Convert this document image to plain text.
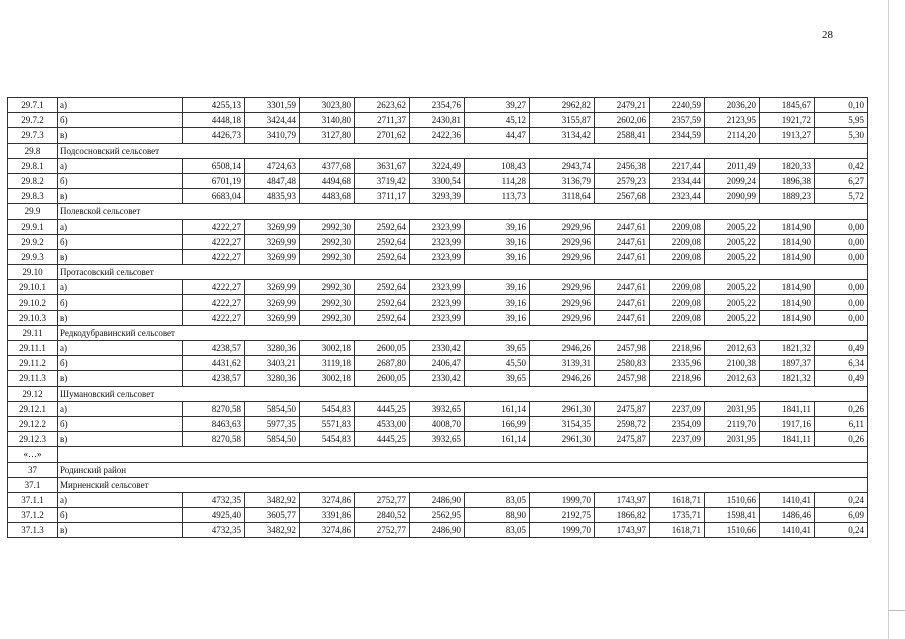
28
29.7.1	а)	4255,13	3301,59	3023,80	2623,62	2354,76	39,27	2962,82	2479,21	2240,59	2036,20	1845,67	0,10
29.7.2	б)	4448,18	3424,44	3140,80	2711,37	2430,81	45,12	3155,87	2602,06	2357,59	2123,95	1921,72	5,95
29.7.3	в)	4426,73	3410,79	3127,80	2701,62	2422,36	44,47	3134,42	2588,41	2344,59	2114,20	1913,27	5,30
29.8	Подсосновский сельсовет												
29.8.1	а)	6508,14	4724,63	4377,68	3631,67	3224,49	108,43	2943,74	2456,38	2217,44	2011,49	1820,33	0,42
29.8.2	б)	6701,19	4847,48	4494,68	3719,42	3300,54	114,28	3136,79	2579,23	2334,44	2099,24	1896,38	6,27
29.8.3	в)	6683,04	4835,93	4483,68	3711,17	3293,39	113,73	3118,64	2567,68	2323,44	2090,99	1889,23	5,72
29.9	Полевской сельсовет												
29.9.1	а)	4222,27	3269,99	2992,30	2592,64	2323,99	39,16	2929,96	2447,61	2209,08	2005,22	1814,90	0,00
29.9.2	б)	4222,27	3269,99	2992,30	2592,64	2323,99	39,16	2929,96	2447,61	2209,08	2005,22	1814,90	0,00
29.9.3	в)	4222,27	3269,99	2992,30	2592,64	2323,99	39,16	2929,96	2447,61	2209,08	2005,22	1814,90	0,00
29.10	Протасовский сельсовет												
29.10.1	а)	4222,27	3269,99	2992,30	2592,64	2323,99	39,16	2929,96	2447,61	2209,08	2005,22	1814,90	0,00
29.10.2	б)	4222,27	3269,99	2992,30	2592,64	2323,99	39,16	2929,96	2447,61	2209,08	2005,22	1814,90	0,00
29.10.3	в)	4222,27	3269,99	2992,30	2592,64	2323,99	39,16	2929,96	2447,61	2209,08	2005,22	1814,90	0,00
29.11	Редкодубравинский сельсовет												
29.11.1	а)	4238,57	3280,36	3002,18	2600,05	2330,42	39,65	2946,26	2457,98	2218,96	2012,63	1821,32	0,49
29.11.2	б)	4431,62	3403,21	3119,18	2687,80	2406,47	45,50	3139,31	2580,83	2335,96	2100,38	1897,37	6,34
29.11.3	в)	4238,57	3280,36	3002,18	2600,05	2330,42	39,65	2946,26	2457,98	2218,96	2012,63	1821,32	0,49
29.12	Шумановский сельсовет												
29.12.1	а)	8270,58	5854,50	5454,83	4445,25	3932,65	161,14	2961,30	2475,87	2237,09	2031,95	1841,11	0,26
29.12.2	б)	8463,63	5977,35	5571,83	4533,00	4008,70	166,99	3154,35	2598,72	2354,09	2119,70	1917,16	6,11
29.12.3	в)	8270,58	5854,50	5454,83	4445,25	3932,65	161,14	2961,30	2475,87	2237,09	2031,95	1841,11	0,26
«…»													
37	Родинский район												
37.1	Мирненский сельсовет												
37.1.1	а)	4732,35	3482,92	3274,86	2752,77	2486,90	83,05	1999,70	1743,97	1618,71	1510,66	1410,41	0,24
37.1.2	б)	4925,40	3605,77	3391,86	2840,52	2562,95	88,90	2192,75	1866,82	1735,71	1598,41	1486,46	6,09
37.1.3	в)	4732,35	3482,92	3274,86	2752,77	2486,90	83,05	1999,70	1743,97	1618,71	1510,66	1410,41	0,24
